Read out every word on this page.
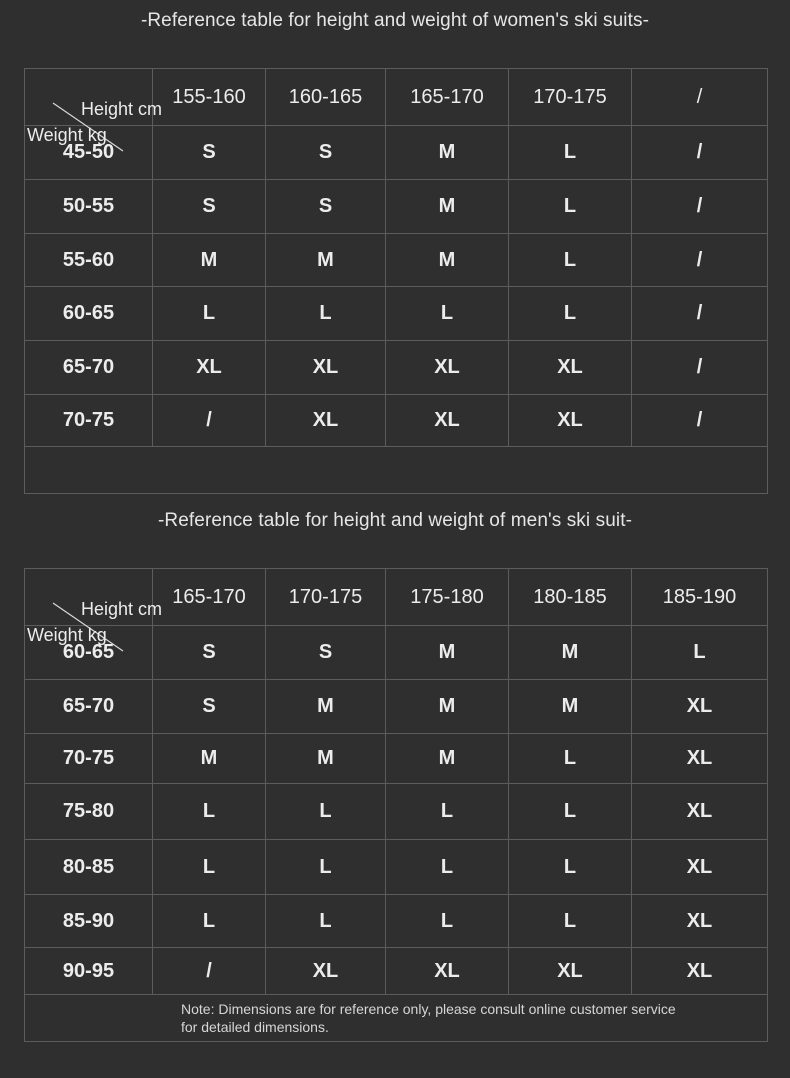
-Reference table for height and weight of women's ski suits-
Height cm
Weight kg	155-160	160-165	165-170	170-175	/
45-50	S	S	M	L	/
50-55	S	S	M	L	/
55-60	M	M	M	L	/
60-65	L	L	L	L	/
65-70	XL	XL	XL	XL	/
70-75	/	XL	XL	XL	/

-Reference table for height and weight of men's ski suit-
Height cm
Weight kg	165-170	170-175	175-180	180-185	185-190
60-65	S	S	M	M	L
65-70	S	M	M	M	XL
70-75	M	M	M	L	XL
75-80	L	L	L	L	XL
80-85	L	L	L	L	XL
85-90	L	L	L	L	XL
90-95	/	XL	XL	XL	XL

Note: Dimensions are for reference only, please consult online customer service
for detailed dimensions.					
